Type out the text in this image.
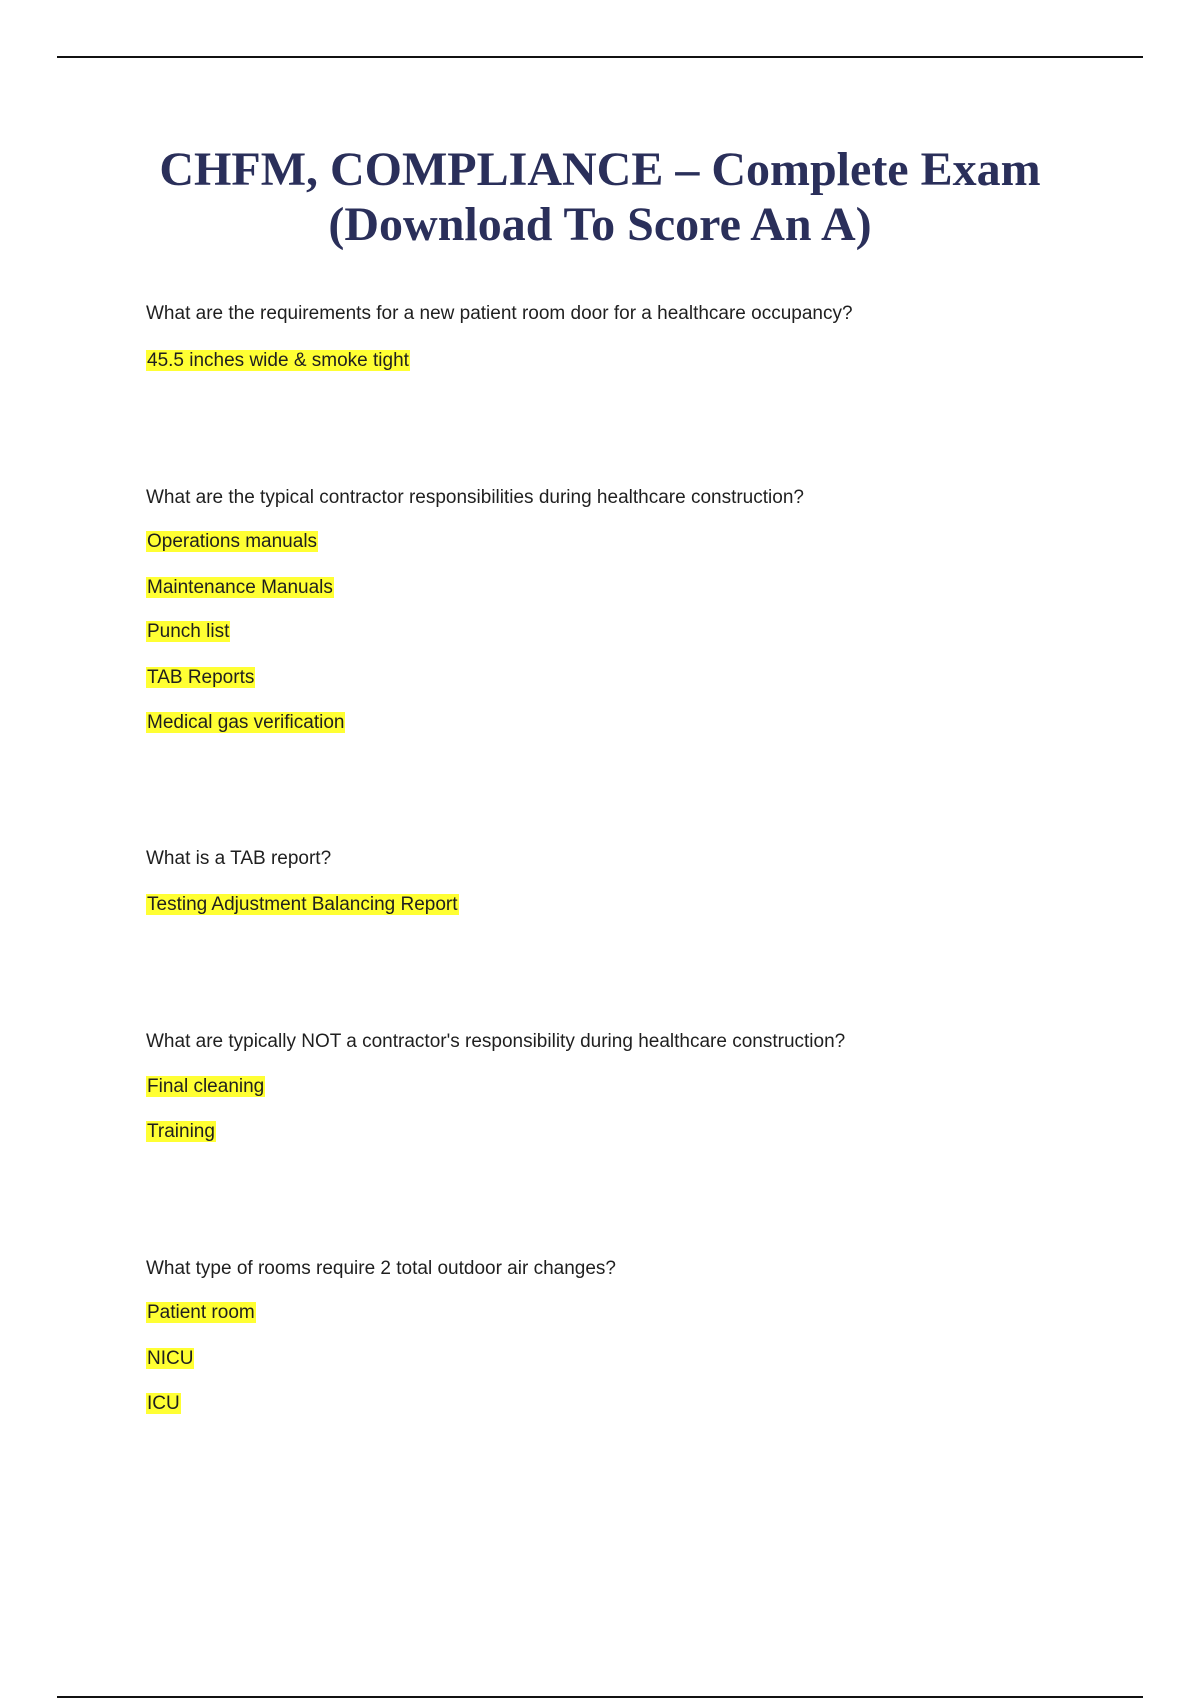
CHFM, COMPLIANCE – Complete Exam
(Download To Score An A)

What are the requirements for a new patient room door for a healthcare occupancy?

45.5 inches wide & smoke tight

What are the typical contractor responsibilities during healthcare construction?

Operations manuals

Maintenance Manuals

Punch list

TAB Reports

Medical gas verification

What is a TAB report?

Testing Adjustment Balancing Report

What are typically NOT a contractor's responsibility during healthcare construction?

Final cleaning

Training

What type of rooms require 2 total outdoor air changes?

Patient room

NICU

ICU
